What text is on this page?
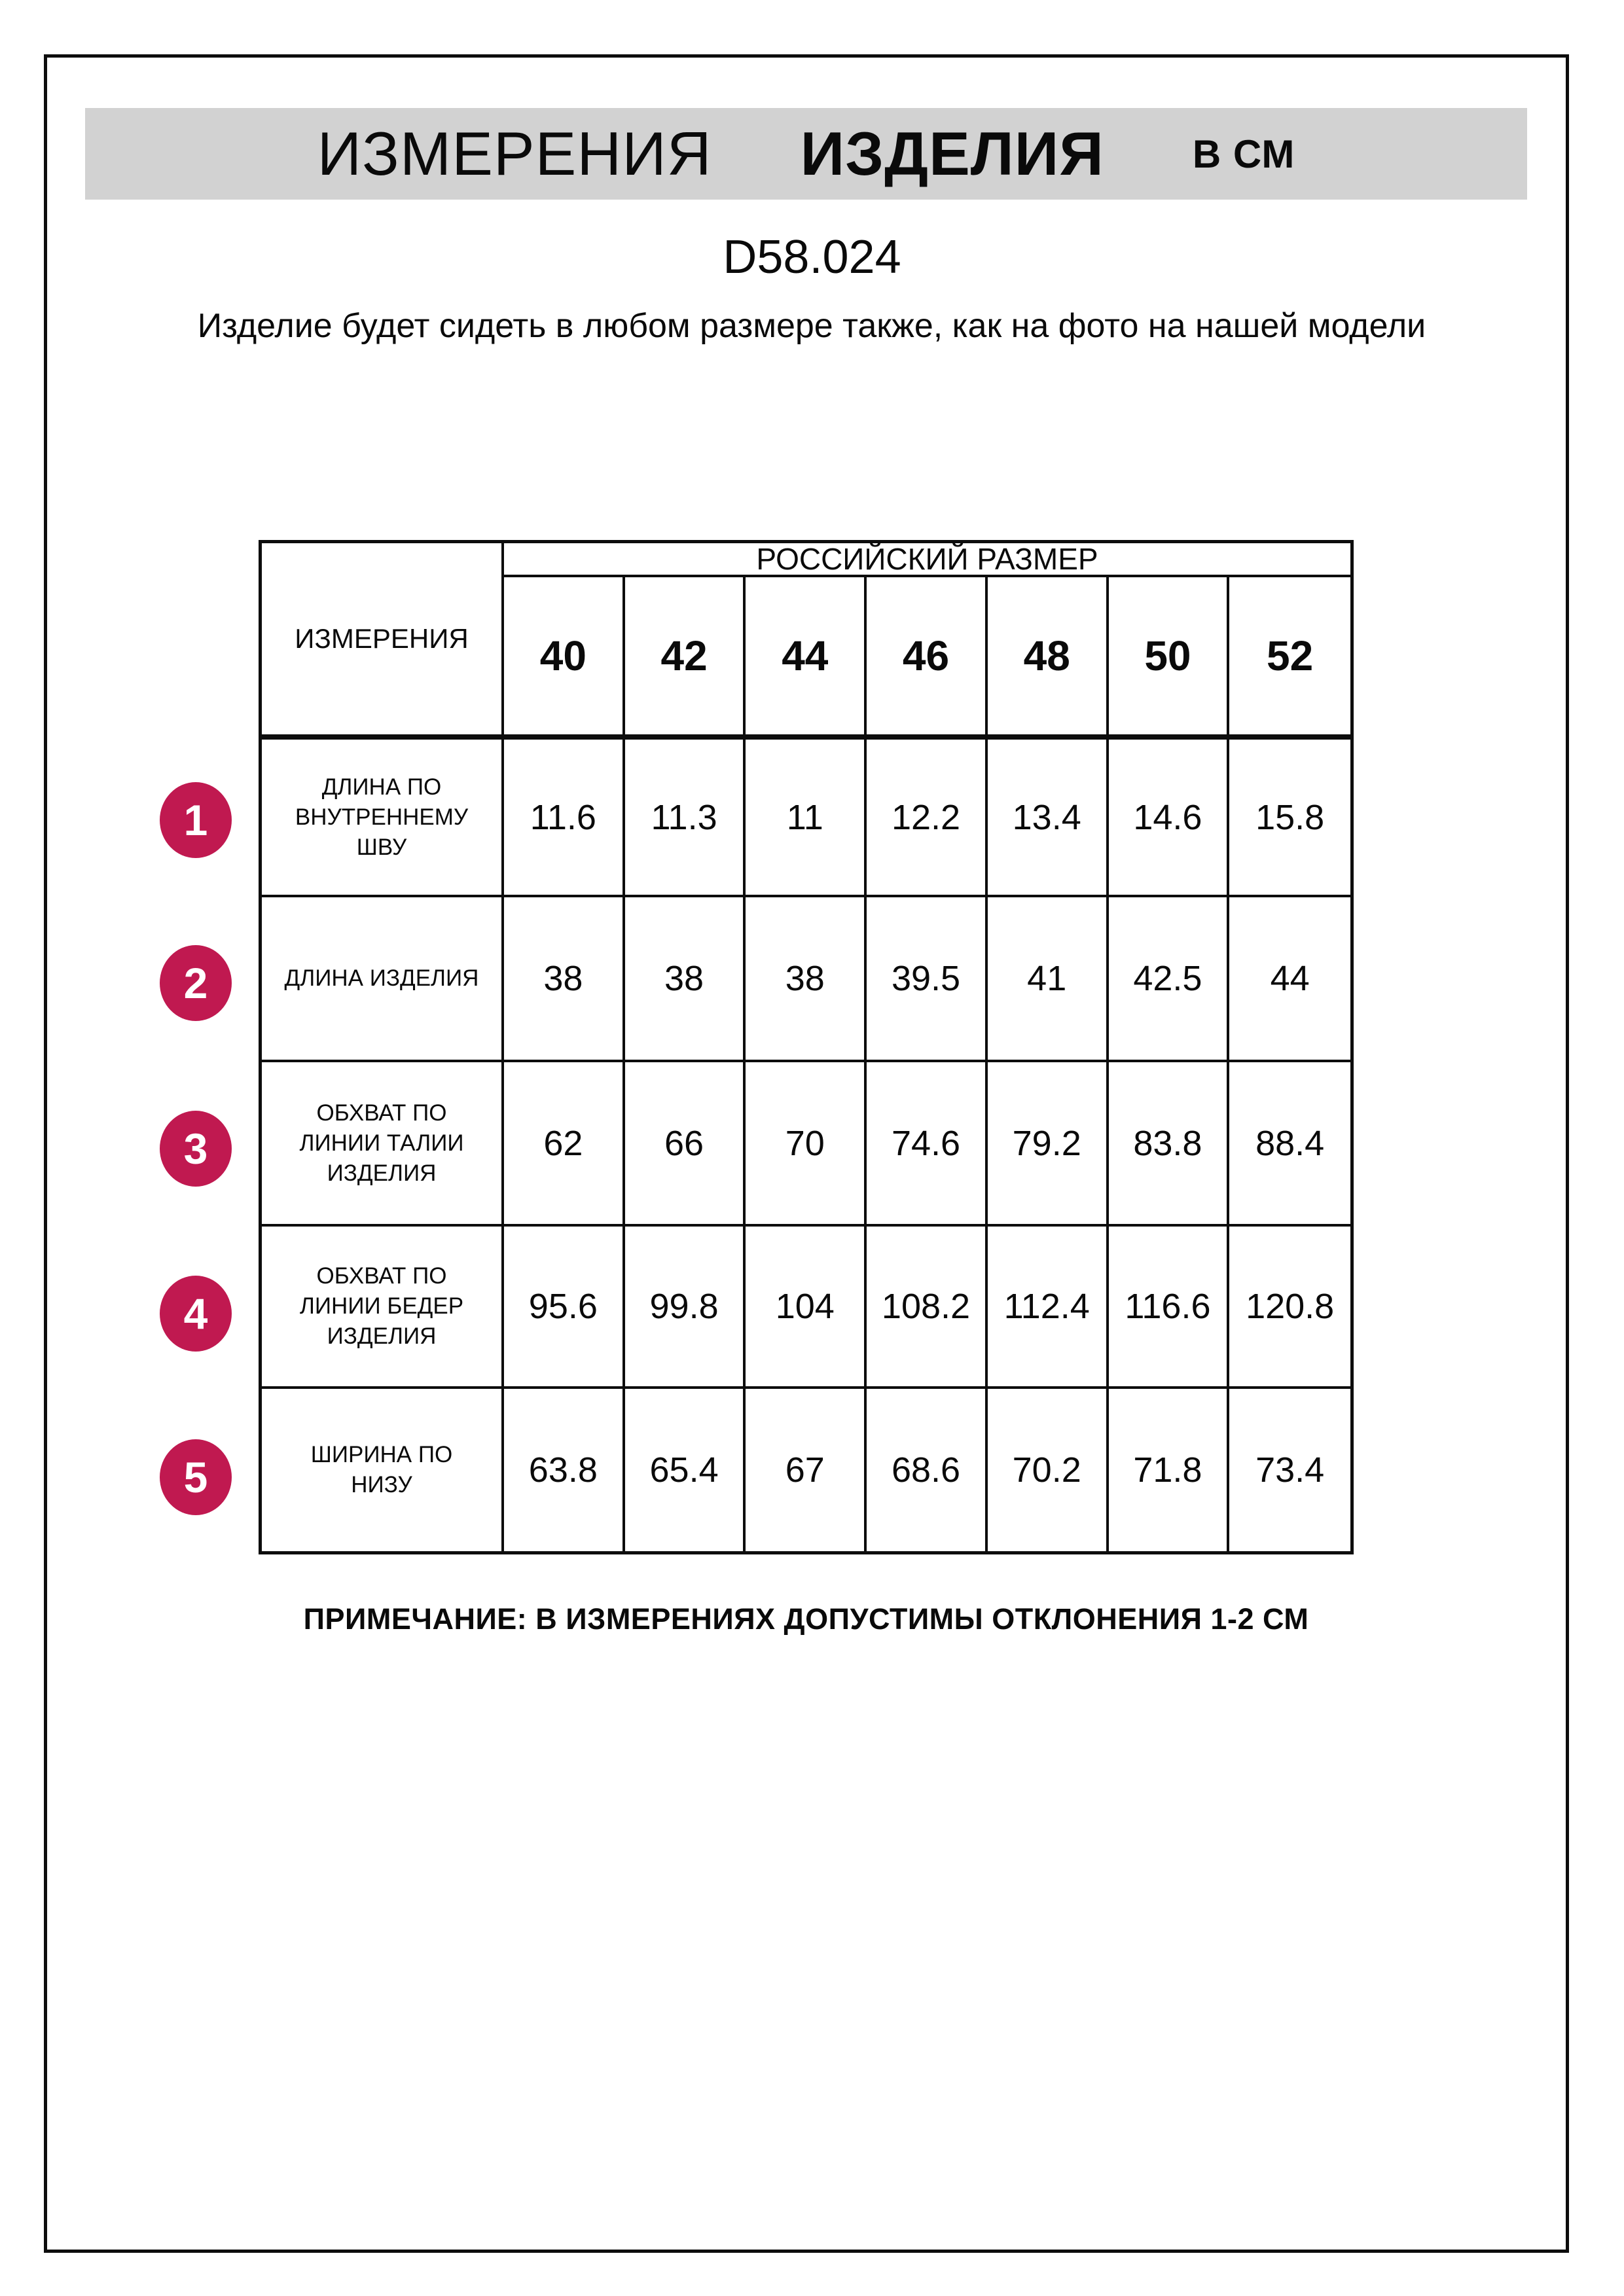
ИЗМЕРЕНИЯ ИЗДЕЛИЯ В СМ
D58.024
Изделие будет сидеть в любом размере также, как на фото на нашей модели
ИЗМЕРЕНИЯ
РОССИЙСКИЙ РАЗМЕР
40	42	44	46	48	50	52
ДЛИНА ПО ВНУТРЕННЕМУ ШВУ
11.6	11.3	11	12.2	13.4	14.6	15.8
ДЛИНА ИЗДЕЛИЯ	38	38	38	39.5	41	42.5	44
ОБХВАТ ПО ЛИНИИ ТАЛИИ ИЗДЕЛИЯ
62	66	70	74.6	79.2	83.8	88.4
ОБХВАТ ПО ЛИНИИ БЕДЕР ИЗДЕЛИЯ
95.6	99.8	104	108.2 112.4 116.6 120.8
ШИРИНА ПО НИЗУ	63.8	65.4	67	68.6	70.2	71.8	73.4
ПРИМЕЧАНИЕ: В ИЗМЕРЕНИЯХ ДОПУСТИМЫ ОТКЛОНЕНИЯ 1-2 СМ
1
2
3
4
5
